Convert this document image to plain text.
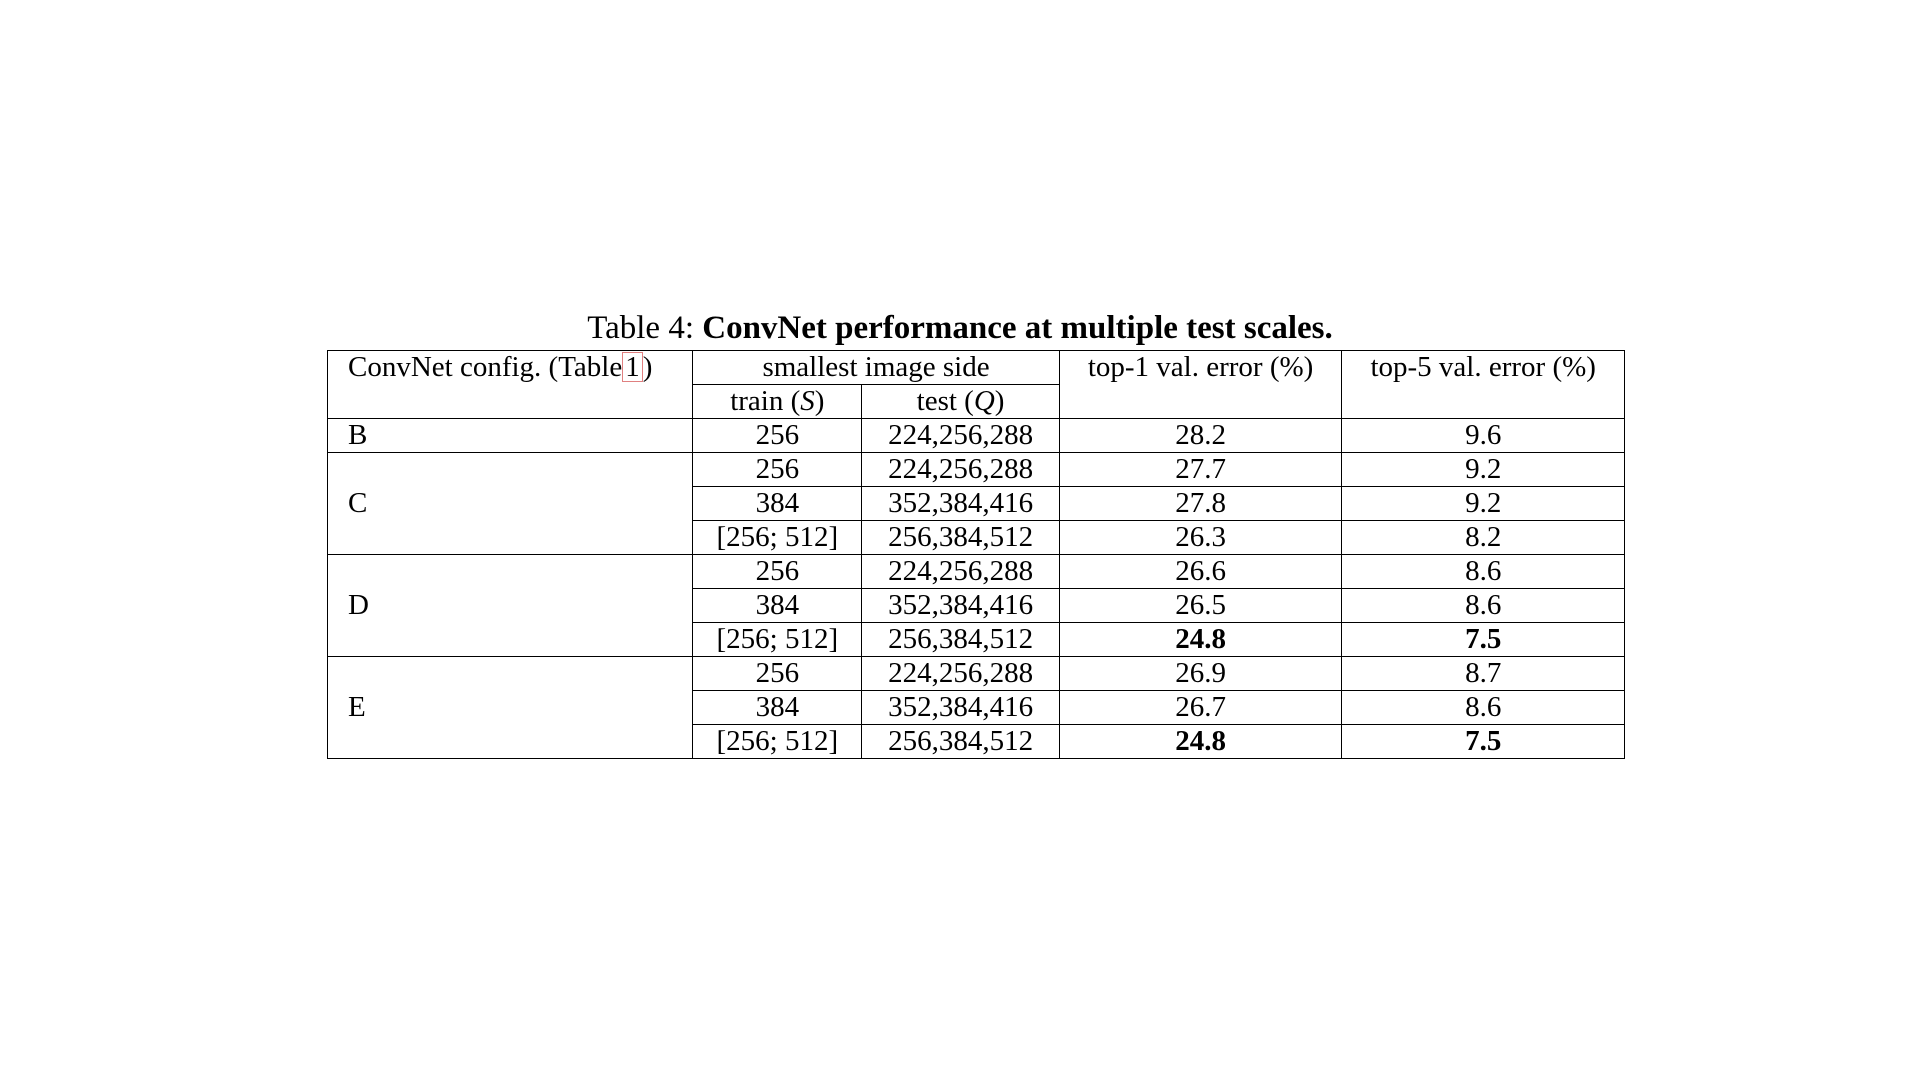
Table 4: ConvNet performance at multiple test scales.
ConvNet config. (Table 1 )	smallest image side		top-1 val. error (%)	top-5 val. error (%)
	train (S)	test (Q)		
B	256	224,256,288	28.2	9.6
C	256	224,256,288	27.7	9.2
	384	352,384,416	27.8	9.2
	[256; 512]	256,384,512	26.3	8.2
D	256	224,256,288	26.6	8.6
	384	352,384,416	26.5	8.6
	[256; 512]	256,384,512	24.8	7.5
E	256	224,256,288	26.9	8.7
	384	352,384,416	26.7	8.6
	[256; 512]	256,384,512	24.8	7.5
